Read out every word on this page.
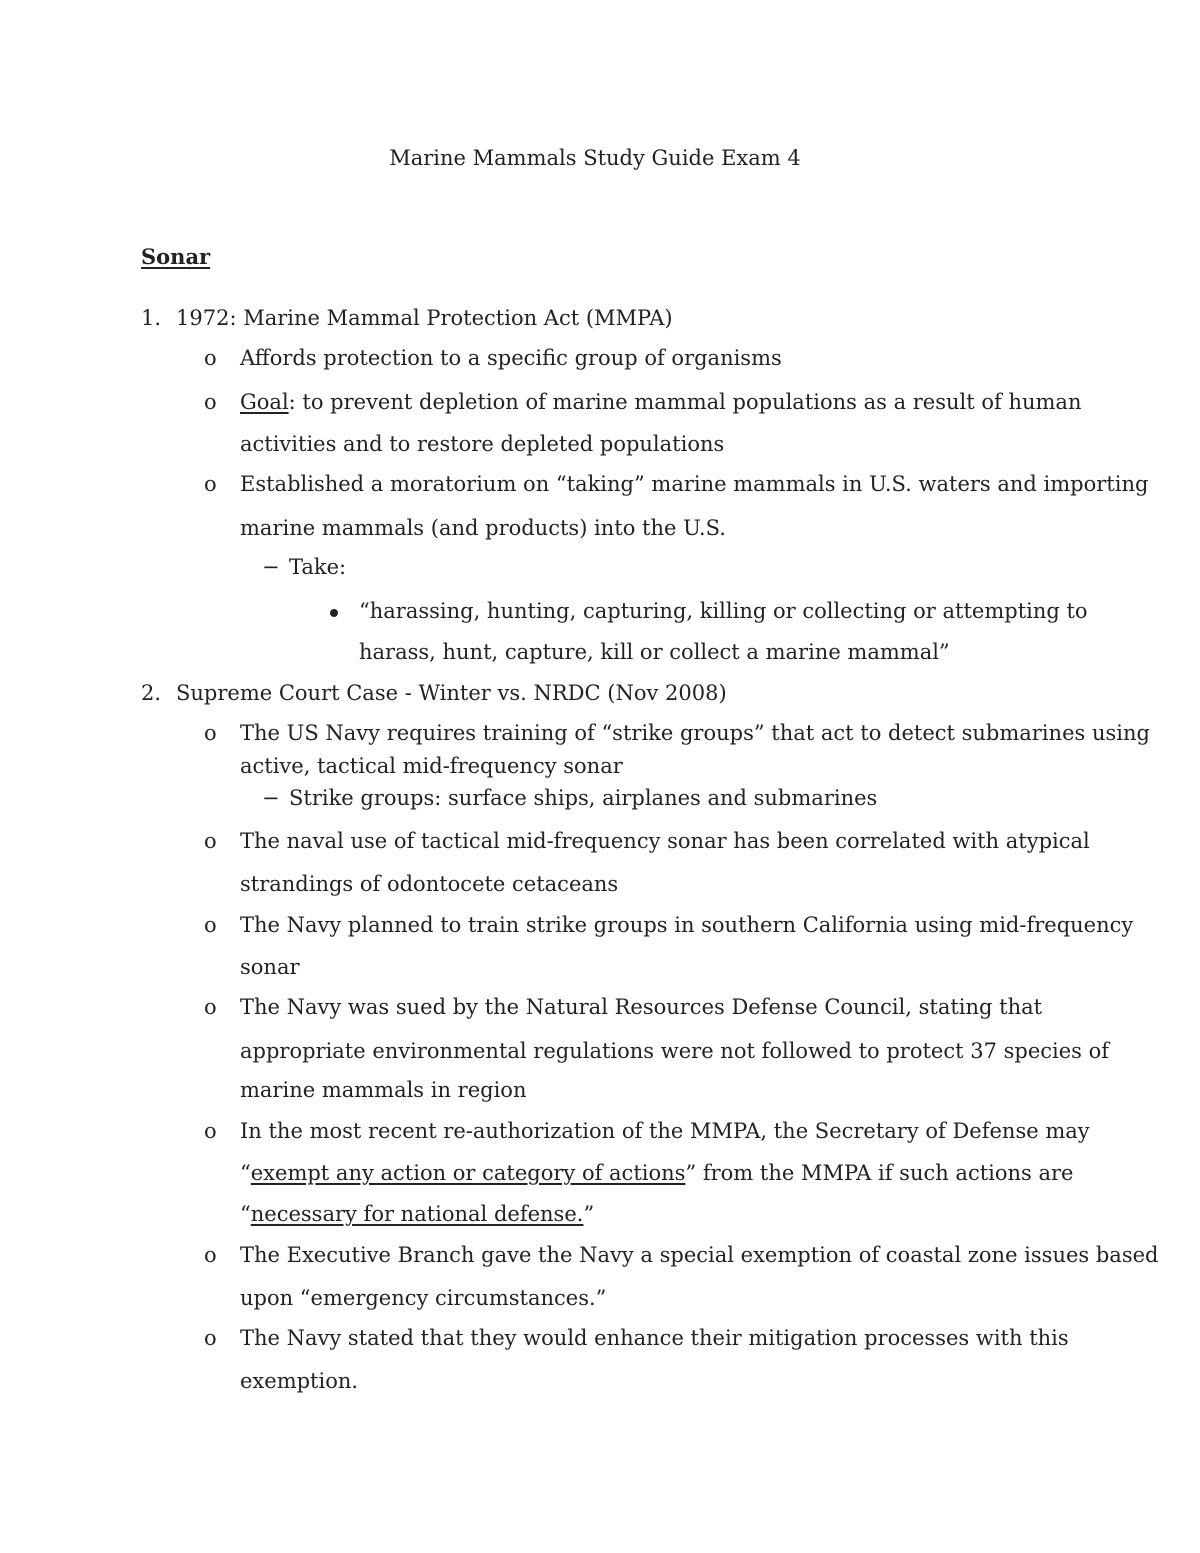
Marine Mammals Study Guide Exam 4
Sonar
1. 1972: Marine Mammal Protection Act (MMPA)
o Affords protection to a specific group of organisms
o Goal: to prevent depletion of marine mammal populations as a result of human
activities and to restore depleted populations
o Established a moratorium on “taking” marine mammals in U.S. waters and importing
marine mammals (and products) into the U.S.
− Take:
“harassing, hunting, capturing, killing or collecting or attempting to
harass, hunt, capture, kill or collect a marine mammal”
2. Supreme Court Case - Winter vs. NRDC (Nov 2008)
o The US Navy requires training of “strike groups” that act to detect submarines using
active, tactical mid-frequency sonar
− Strike groups: surface ships, airplanes and submarines
o The naval use of tactical mid-frequency sonar has been correlated with atypical
strandings of odontocete cetaceans
o The Navy planned to train strike groups in southern California using mid-frequency
sonar
o The Navy was sued by the Natural Resources Defense Council, stating that
appropriate environmental regulations were not followed to protect 37 species of
marine mammals in region
o In the most recent re-authorization of the MMPA, the Secretary of Defense may
“exempt any action or category of actions” from the MMPA if such actions are
“necessary for national defense.”
o The Executive Branch gave the Navy a special exemption of coastal zone issues based
upon “emergency circumstances.”
o The Navy stated that they would enhance their mitigation processes with this
exemption.
